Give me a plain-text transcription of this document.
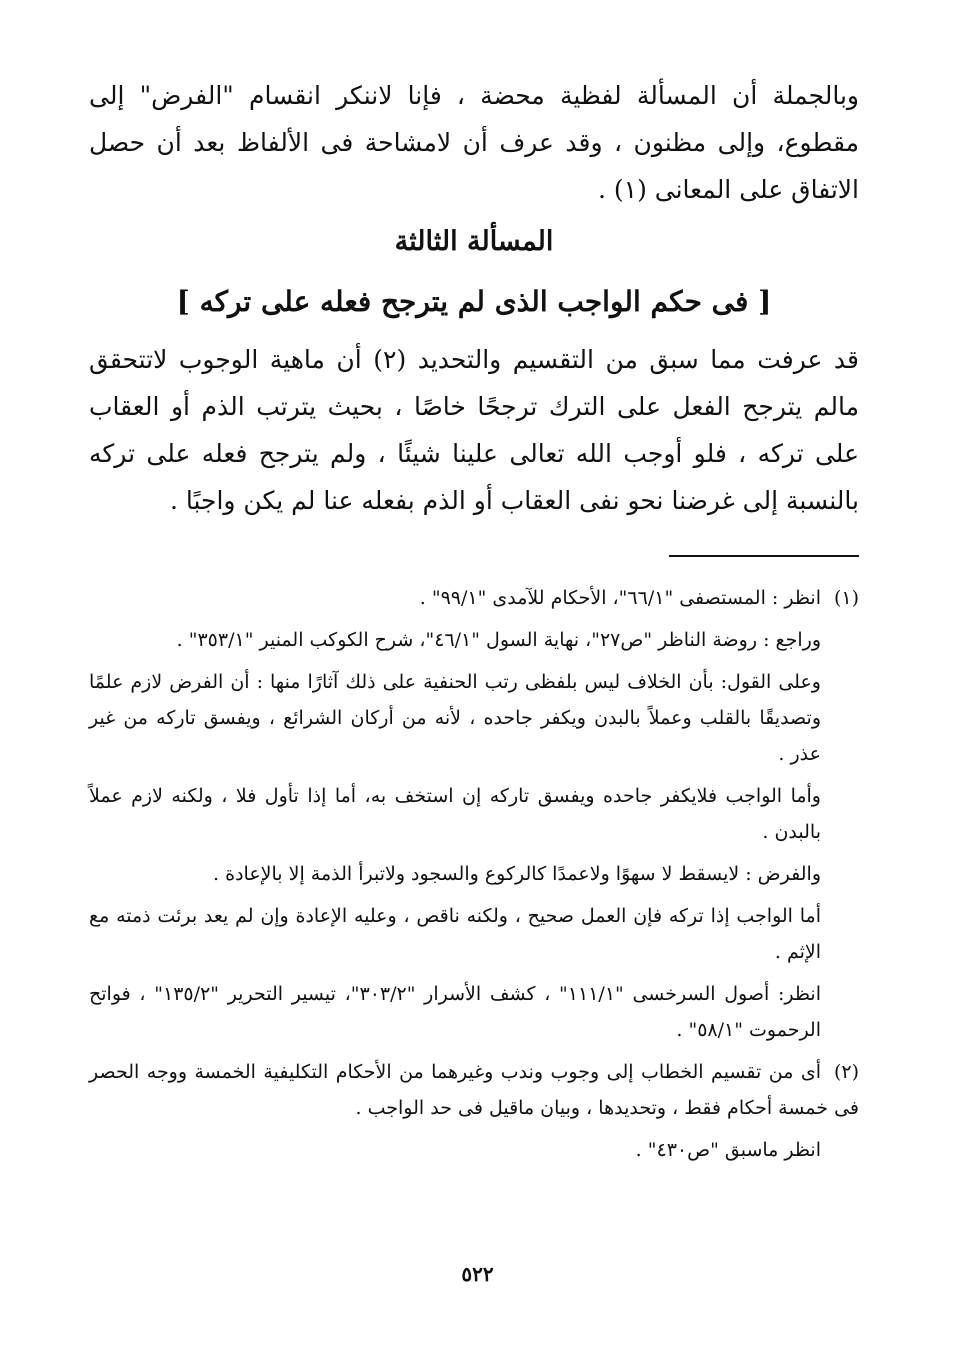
وبالجملة أن المسألة لفظية محضة ، فإنا لاننكر انقسام "الفرض" إلى مقطوع، وإلى مظنون ، وقد عرف أن لامشاحة فى الألفاظ بعد أن حصل الاتفاق على المعانى (١) .

المسألة الثالثة
[ فى حكم الواجب الذى لم يترجح فعله على تركه ]

قد عرفت مما سبق من التقسيم والتحديد (٢) أن ماهية الوجوب لاتتحقق مالم يترجح الفعل على الترك ترجحًا خاصًا ، بحيث يترتب الذم أو العقاب على تركه ، فلو أوجب الله تعالى علينا شيئًا ، ولم يترجح فعله على تركه بالنسبة إلى غرضنا نحو نفى العقاب أو الذم بفعله عنا لم يكن واجبًا .

(١)انظر : المستصفى "٦٦/١"، الأحكام للآمدى "٩٩/١" .

وراجع : روضة الناظر "ص٢٧"، نهاية السول "٤٦/١"، شرح الكوكب المنير "٣٥٣/١" .

وعلى القول: بأن الخلاف ليس بلفظى رتب الحنفية على ذلك آثارًا منها : أن الفرض لازم علمًا وتصديقًا بالقلب وعملاً بالبدن ويكفر جاحده ، لأنه من أركان الشرائع ، ويفسق تاركه من غير عذر .

وأما الواجب فلايكفر جاحده ويفسق تاركه إن استخف به، أما إذا تأول فلا ، ولكنه لازم عملاً بالبدن .

والفرض : لايسقط لا سهوًا ولاعمدًا كالركوع والسجود ولاتبرأ الذمة إلا بالإعادة .

أما الواجب إذا تركه فإن العمل صحيح ، ولكنه ناقص ، وعليه الإعادة وإن لم يعد برئت ذمته مع الإثم .

انظر: أصول السرخسى "١١١/١" ، كشف الأسرار "٣٠٣/٢"، تيسير التحرير "١٣٥/٢" ، فواتح الرحموت "٥٨/١" .

(٢)أى من تقسيم الخطاب إلى وجوب وندب وغيرهما من الأحكام التكليفية الخمسة ووجه الحصر فى خمسة أحكام فقط ، وتحديدها ، وبيان ماقيل فى حد الواجب .

انظر ماسبق "ص٤٣٠" .

٥٢٢
